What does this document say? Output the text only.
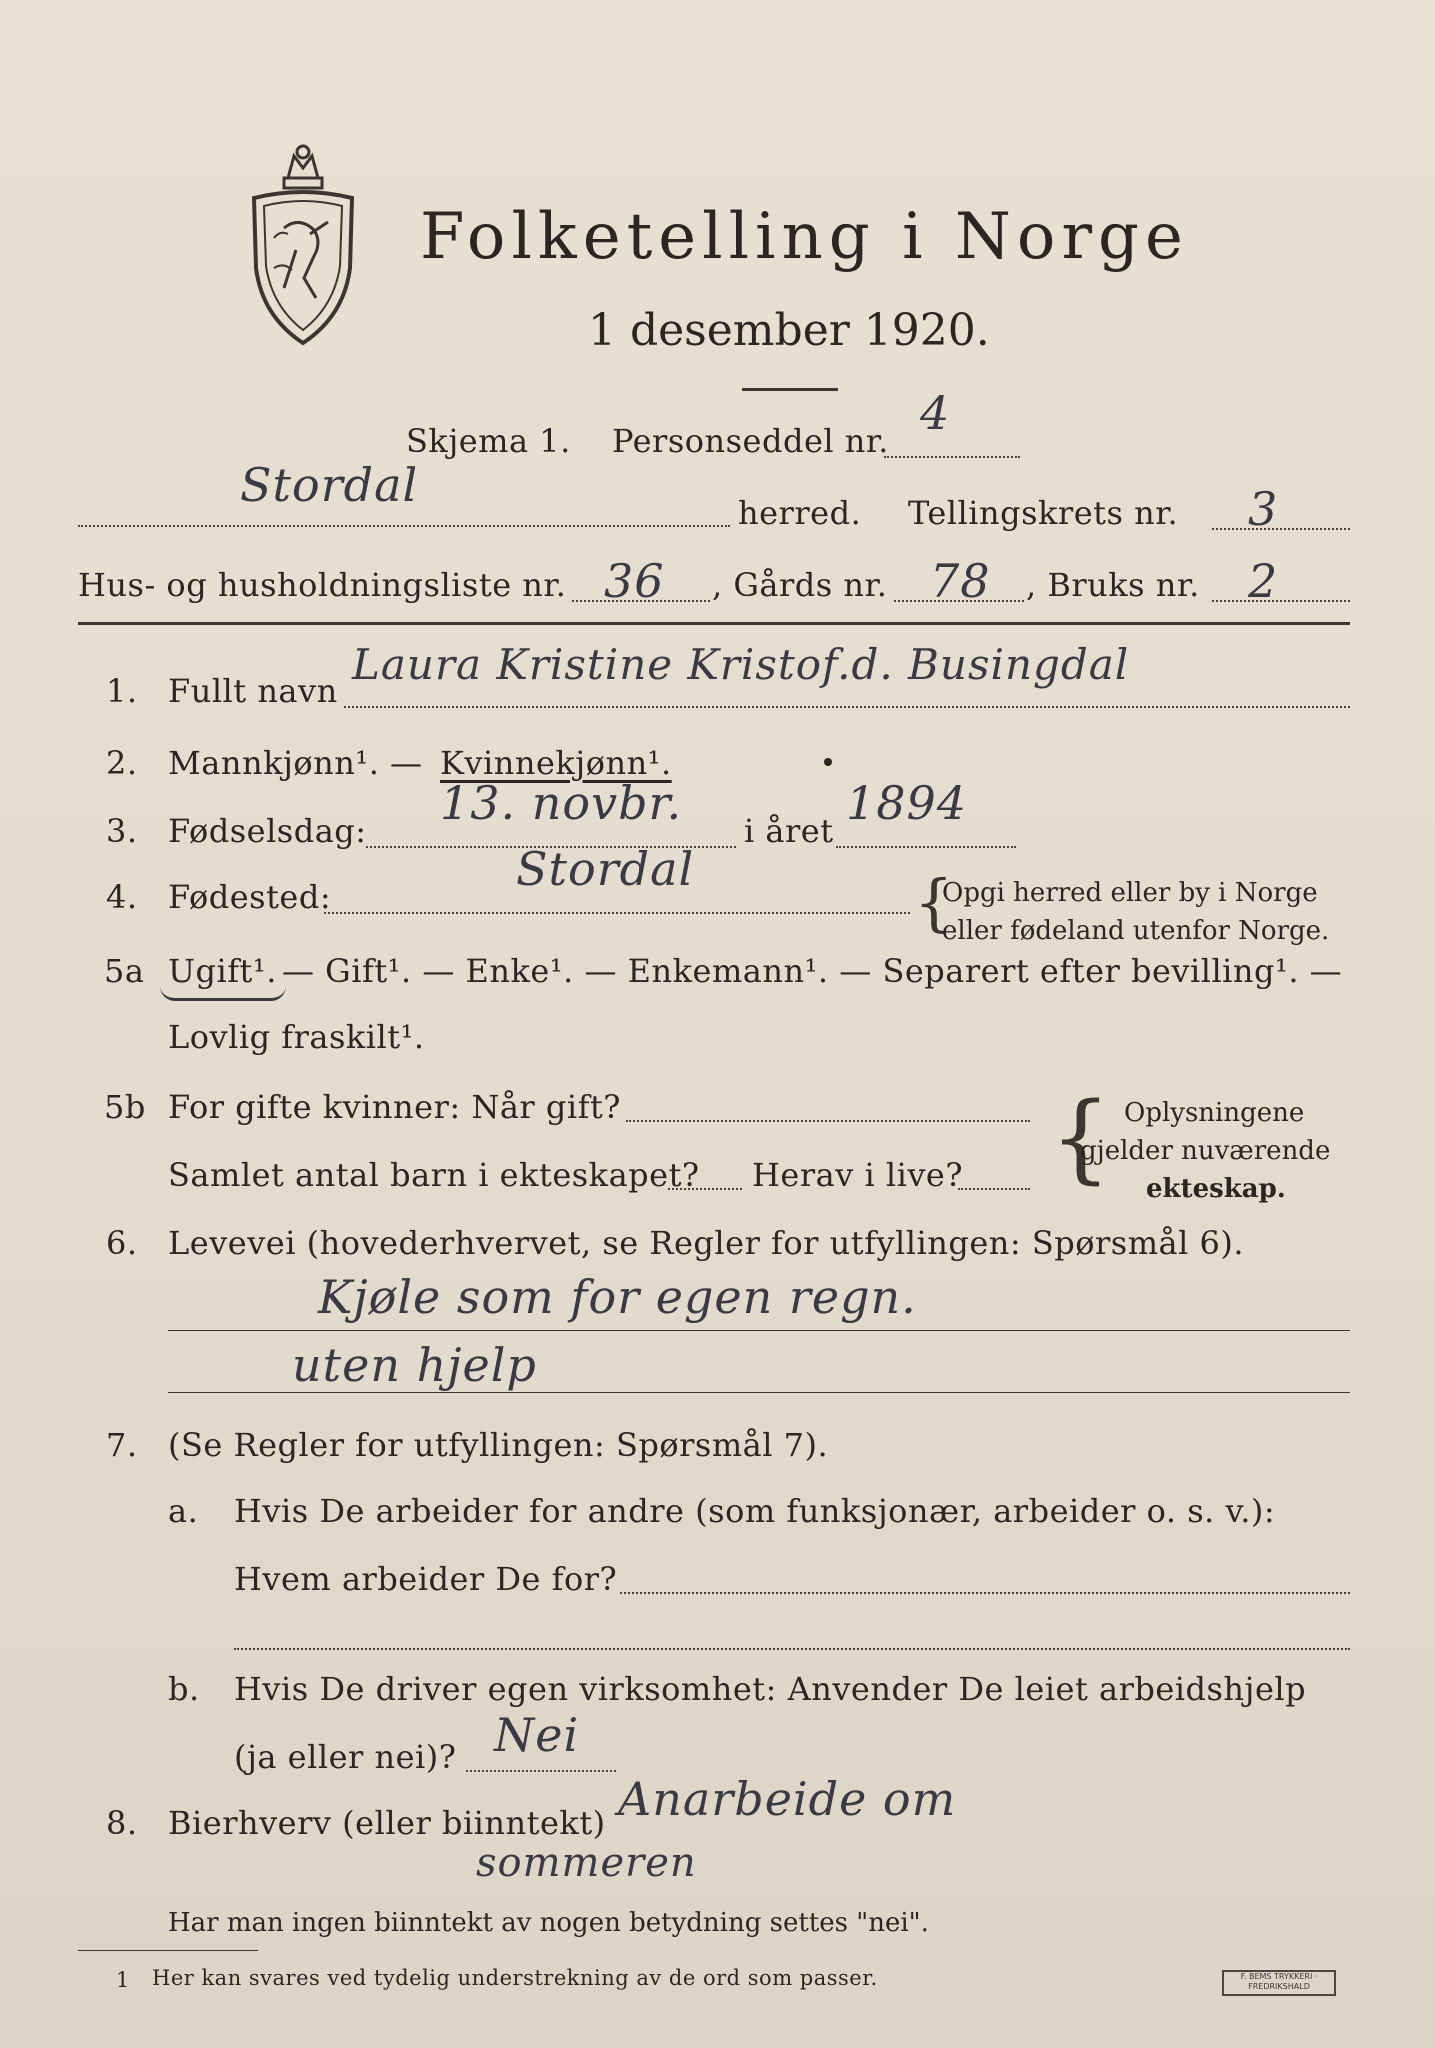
Folketelling i Norge
1 desember 1920.
Skjema 1. Personseddel nr.
4
Stordal
herred. Tellingskrets nr. 3
Hus- og husholdningsliste nr. 36 , Gårds nr. 78 , Bruks nr. 2
1. Fullt navn
Laura Kristine Kristof.d. Busingdal
2. Mannkjønn¹. — Kvinnekjønn¹.
3. Fødselsdag:
13. novbr.
i året
1894
4. Fødested:
Stordal	{
Opgi herred eller by i Norge
eller fødeland utenfor Norge.
5a Ugift¹. — Gift¹. — Enke¹. — Enkemann¹. — Separert efter bevilling¹. —
Lovlig fraskilt¹.
5b For gifte kvinner: Når gift?
Samlet antal barn i ekteskapet? Herav i live? { Oplysningene
gjelder nuværende
ekteskap.
6. Levevei (hovederhvervet, se Regler for utfyllingen: Spørsmål 6).
Kjøle som for egen regn.
uten hjelp
7. (Se Regler for utfyllingen: Spørsmål 7).
a. Hvis De arbeider for andre (som funksjonær, arbeider o. s. v.):
Hvem arbeider De for?
b. Hvis De driver egen virksomhet: Anvender De leiet arbeidshjelp
(ja eller nei)? Nei
8. Bierhverv (eller biinntekt) Anarbeide om
sommeren
Har man ingen biinntekt av nogen betydning settes "nei".
1 Her kan svares ved tydelig understrekning av de ord som passer.	F. BEMS TRYKKERI · FREDRIKSHALD
